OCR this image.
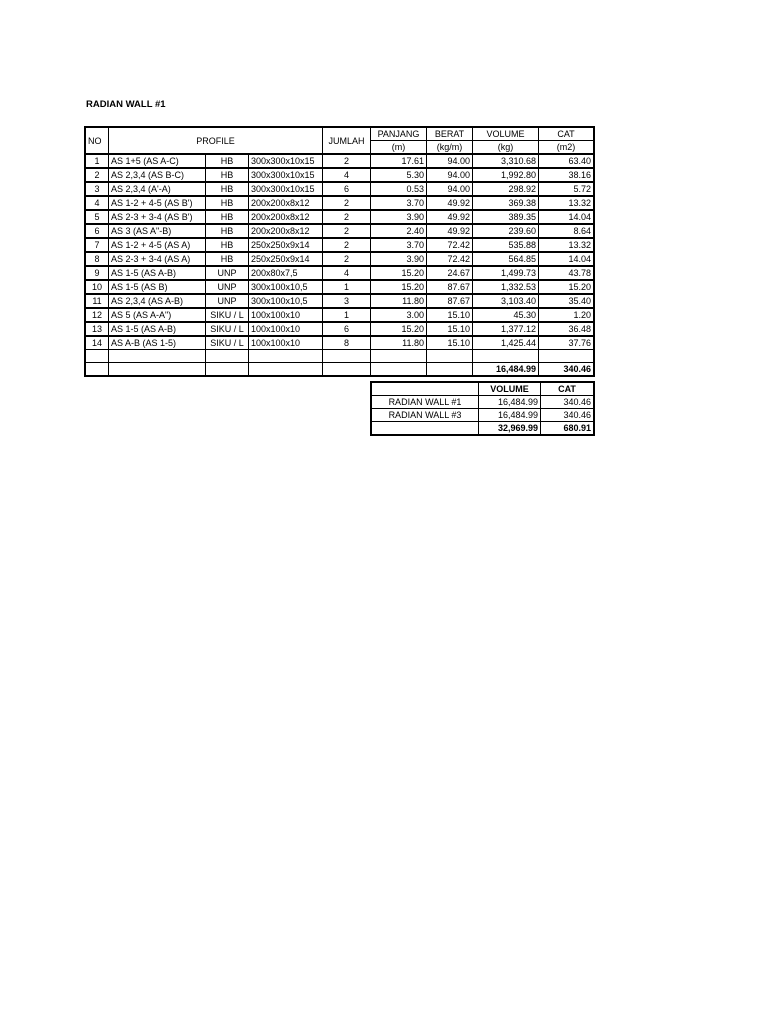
RADIAN WALL #1
NO	PROFILE			JUMLAH	PANJANG	BERAT	VOLUME	CAT
					(m)	(kg/m)	(kg)	(m2)
1	AS 1+5 (AS A-C)	HB	300x300x10x15	2	17.61	94.00	3,310.68	63.40
2	AS 2,3,4 (AS B-C)	HB	300x300x10x15	4	5.30	94.00	1,992.80	38.16
3	AS 2,3,4 (A'-A)	HB	300x300x10x15	6	0.53	94.00	298.92	5.72
4	AS 1-2 + 4-5 (AS B')	HB	200x200x8x12	2	3.70	49.92	369.38	13.32
5	AS 2-3 + 3-4 (AS B')	HB	200x200x8x12	2	3.90	49.92	389.35	14.04
6	AS 3 (AS A"-B)	HB	200x200x8x12	2	2.40	49.92	239.60	8.64
7	AS 1-2 + 4-5 (AS A)	HB	250x250x9x14	2	3.70	72.42	535.88	13.32
8	AS 2-3 + 3-4 (AS A)	HB	250x250x9x14	2	3.90	72.42	564.85	14.04
9	AS 1-5 (AS A-B)	UNP	200x80x7,5	4	15.20	24.67	1,499.73	43.78
10	AS 1-5 (AS B)	UNP	300x100x10,5	1	15.20	87.67	1,332.53	15.20
11	AS 2,3,4 (AS A-B)	UNP	300x100x10,5	3	11.80	87.67	3,103.40	35.40
12	AS 5 (AS A-A")	SIKU / L	100x100x10	1	3.00	15.10	45.30	1.20
13	AS 1-5 (AS A-B)	SIKU / L	100x100x10	6	15.20	15.10	1,377.12	36.48
14	AS A-B (AS 1-5)	SIKU / L	100x100x10	8	11.80	15.10	1,425.44	37.76

							16,484.99	340.46
	VOLUME	CAT
RADIAN WALL #1	16,484.99	340.46
RADIAN WALL #3	16,484.99	340.46
	32,969.99	680.91
